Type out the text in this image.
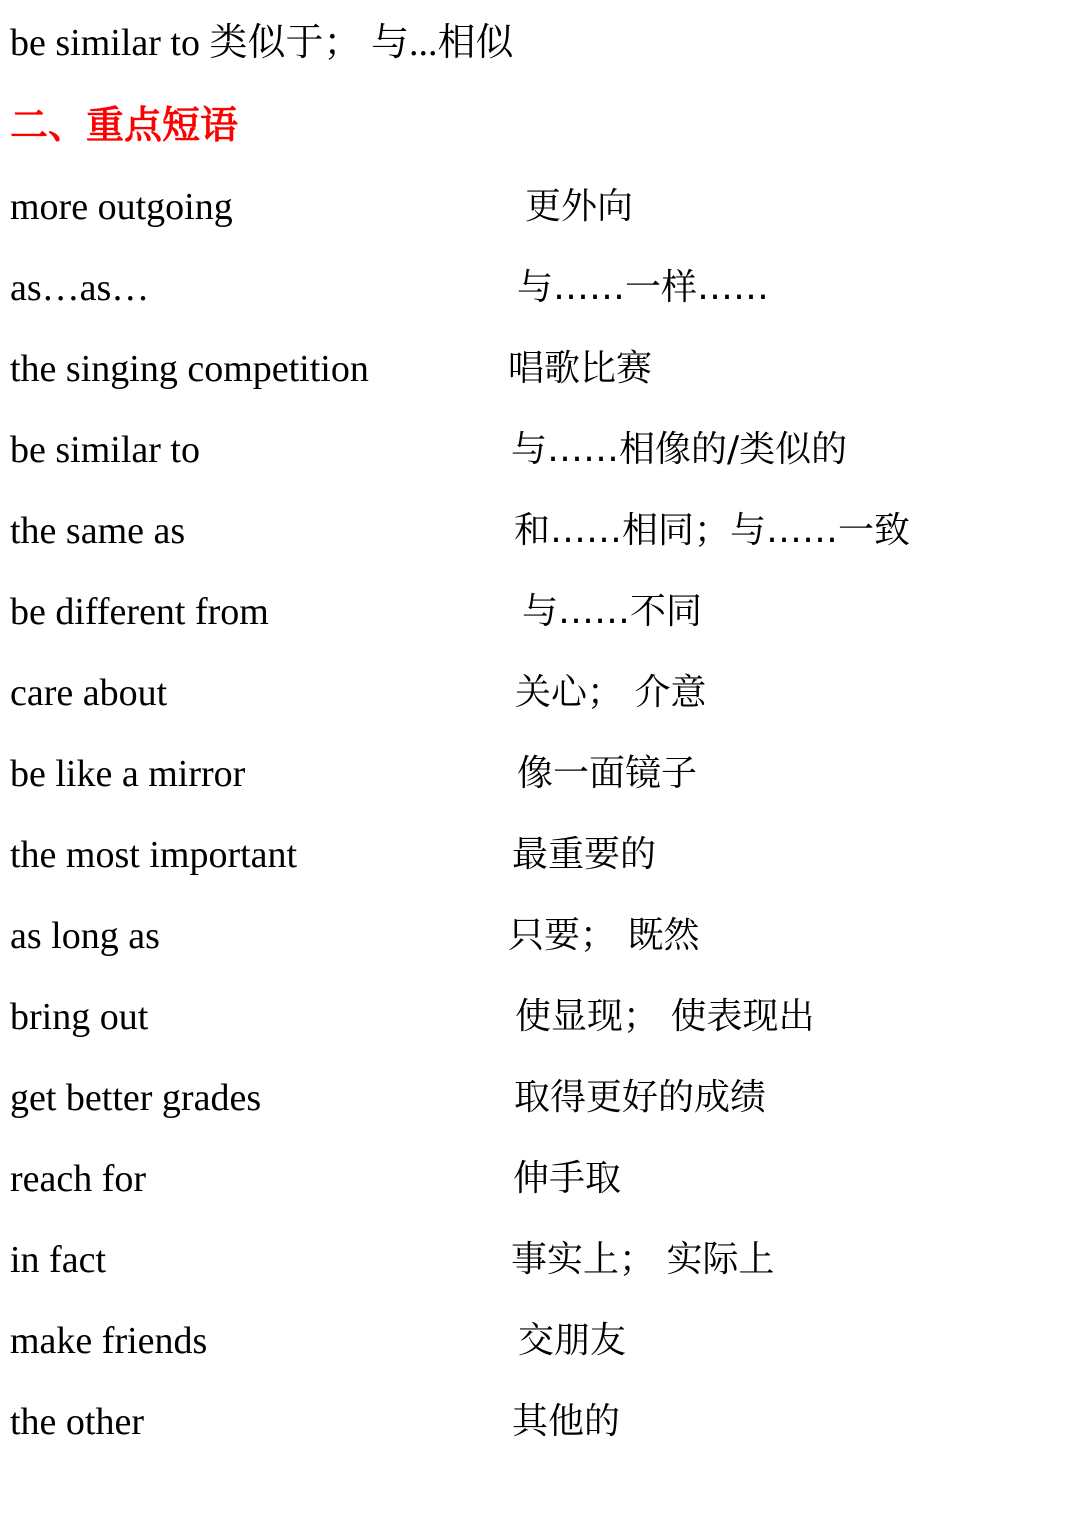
be similar to 类似于； 与...相似
二、重点短语
more outgoing	更外向
as…as…	与……一样……
the singing competition	唱歌比赛
be similar to	与……相像的/类似的
the same as	和……相同；与……一致
be different from	与……不同
care about	关心； 介意
be like a mirror	像一面镜子
the most important	最重要的
as long as	只要； 既然
bring out	使显现； 使表现出
get better grades	取得更好的成绩
reach for	伸手取
in fact	事实上； 实际上
make friends	交朋友
the other	其他的
